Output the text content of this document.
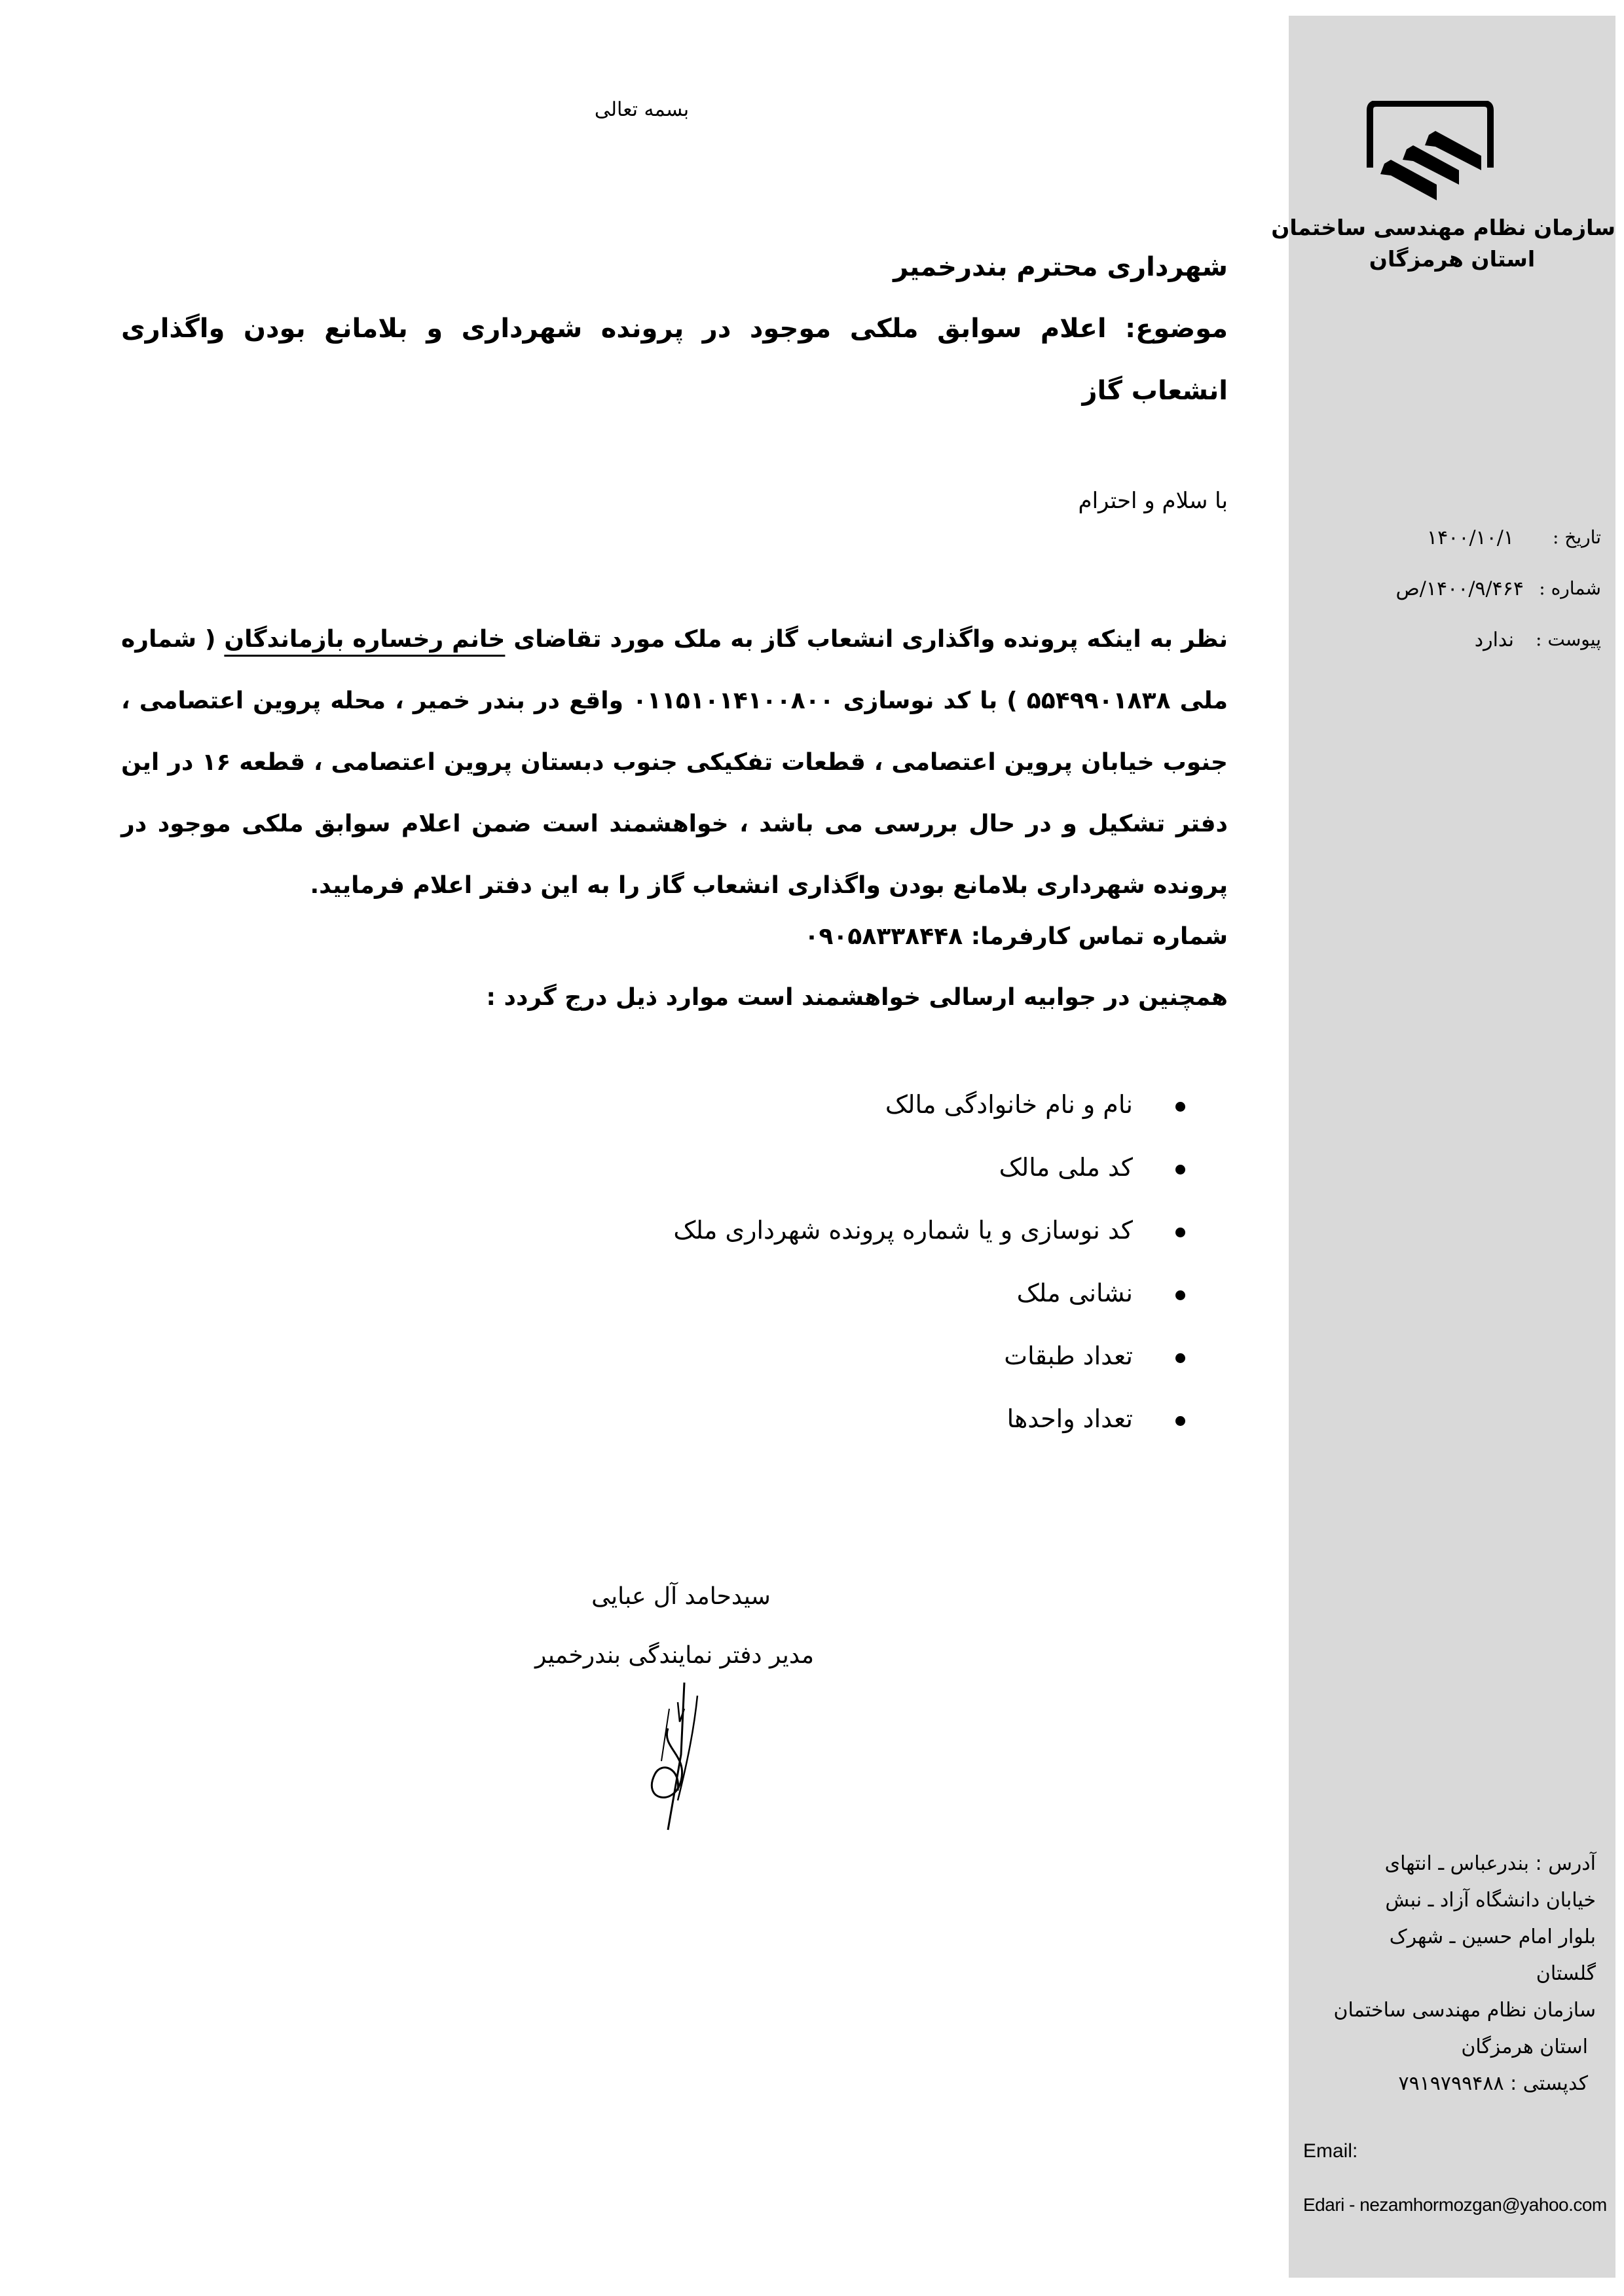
سازمان نظام مهندسی ساختمان
استان هرمزگان
تاریخ :
۱۴۰۰/۱۰/۱
شماره :
۱۴۰۰/۹/۴۶۴/ص
پیوست :
ندارد
آدرس : بندرعباس ـ انتهای
خیابان دانشگاه آزاد ـ نبش
بلوار امام حسین ـ شهرک
گلستان
سازمان نظام مهندسی ساختمان
استان هرمزگان
کدپستی : ۷۹۱۹۷۹۹۴۸۸
Email:
Edari - nezamhormozgan@yahoo.com
بسمه تعالی
شهرداری محترم بندرخمیر
موضوع: اعلام سوابق ملکی موجود در پرونده شهرداری و بلامانع بودن واگذاری انشعاب گاز
با سلام و احترام
نظر به اینکه پرونده واگذاری انشعاب گاز به ملک مورد تقاضای خانم رخساره بازماندگان ( شماره ملی ۵۵۴۹۹۰۱۸۳۸ ) با کد نوسازی ۰۱۱۵۱۰۱۴۱۰۰۸۰۰ واقع در بندر خمیر ، محله پروین اعتصامی ، جنوب خیابان پروین اعتصامی ، قطعات تفکیکی جنوب دبستان پروین اعتصامی ، قطعه ۱۶ در این دفتر تشکیل و در حال بررسی می باشد ، خواهشمند است ضمن اعلام سوابق ملکی موجود در پرونده شهرداری بلامانع بودن واگذاری انشعاب گاز را به این دفتر اعلام فرمایید.
شماره تماس کارفرما: ۰۹۰۵۸۳۳۸۴۴۸
همچنین در جوابیه ارسالی خواهشمند است موارد ذیل درج گردد :
نام و نام خانوادگی مالک
کد ملی مالک
کد نوسازی و یا شماره پرونده شهرداری ملک
نشانی ملک
تعداد طبقات
تعداد واحدها
سیدحامد آل عبایی
مدیر دفتر نمایندگی بندرخمیر
